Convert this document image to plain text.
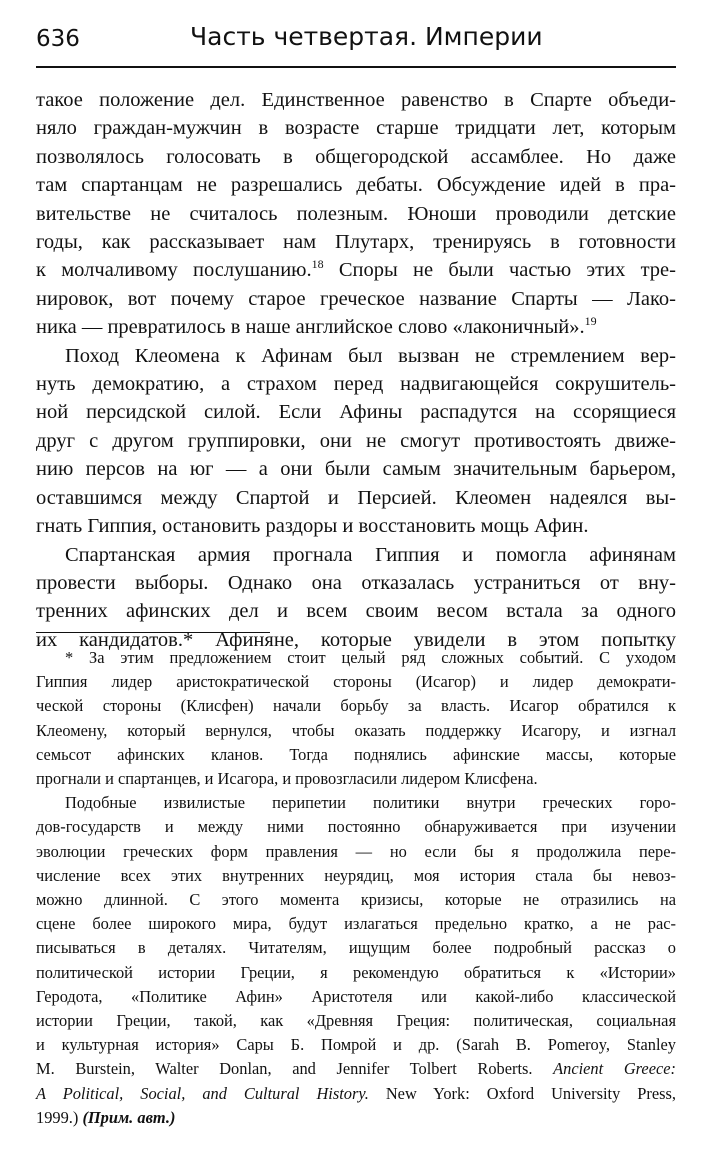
636	Часть четвертая. Империи
такое положение дел. Единственное равенство в Спарте объеди-
няло граждан-мужчин в возрасте старше тридцати лет, которым
позволялось голосовать в общегородской ассамблее. Но даже
там спартанцам не разрешались дебаты. Обсуждение идей в пра-
вительстве не считалось полезным. Юноши проводили детские
годы, как рассказывает нам Плутарх, тренируясь в готовности
к молчаливому послушанию.$^{18}$ Споры не были частью этих тре-
нировок, вот почему старое греческое название Спарты — Лако-
ника — превратилось в наше английское слово «лаконичный».$^{19}$
Поход Клеомена к Афинам был вызван не стремлением вер-
нуть демократию, а страхом перед надвигающейся сокрушитель-
ной персидской силой. Если Афины распадутся на ссорящиеся
друг с другом группировки, они не смогут противостоять движе-
нию персов на юг — а они были самым значительным барьером,
оставшимся между Спартой и Персией. Клеомен надеялся вы-
гнать Гиппия, остановить раздоры и восстановить мощь Афин.
Спартанская армия прогнала Гиппия и помогла афинянам
провести выборы. Однако она отказалась устраниться от вну-
тренних афинских дел и всем своим весом встала за одного
их кандидатов.* Афиняне, которые увидели в этом попытку
* За этим предложением стоит целый ряд сложных событий. С уходом
Гиппия лидер аристократической стороны (Исагор) и лидер демократи-
ческой стороны (Клисфен) начали борьбу за власть. Исагор обратился к
Клеомену, который вернулся, чтобы оказать поддержку Исагору, и изгнал
семьсот афинских кланов. Тогда поднялись афинские массы, которые
прогнали и спартанцев, и Исагора, и провозгласили лидером Клисфена.
Подобные извилистые перипетии политики внутри греческих горо-
дов-государств и между ними постоянно обнаруживается при изучении
эволюции греческих форм правления — но если бы я продолжила пере-
числение всех этих внутренних неурядиц, моя история стала бы невоз-
можно длинной. С этого момента кризисы, которые не отразились на
сцене более широкого мира, будут излагаться предельно кратко, а не рас-
писываться в деталях. Читателям, ищущим более подробный рассказ о
политической истории Греции, я рекомендую обратиться к «Истории»
Геродота, «Политике Афин» Аристотеля или какой-либо классической
истории Греции, такой, как «Древняя Греция: политическая, социальная
и культурная история» Сары Б. Помрой и др. (Sarah B. Pomeroy, Stanley
M. Burstein, Walter Donlan, and Jennifer Tolbert Roberts. Ancient Greece:
A Political, Social, and Cultural History. New York: Oxford University Press,
1999.) (Прим. авт.)
